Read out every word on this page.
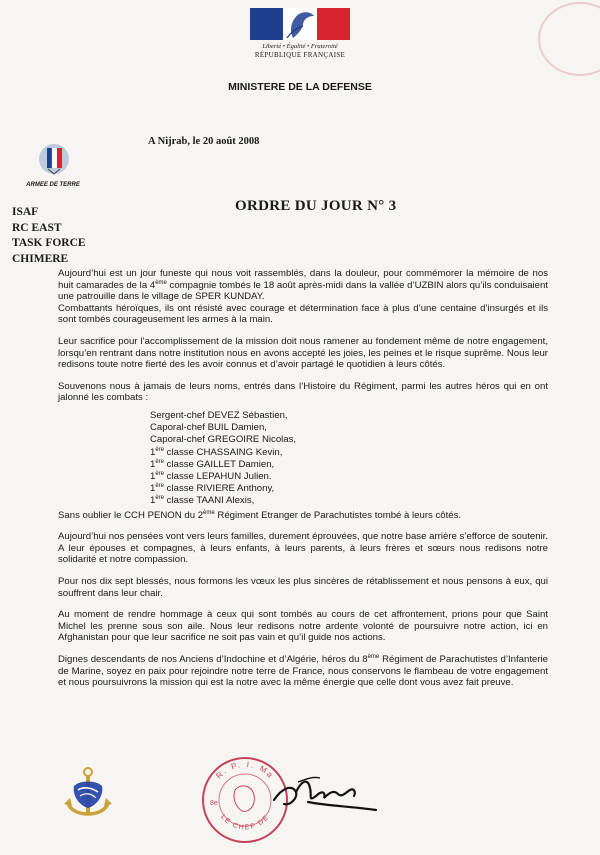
Liberté • Égalité • Fraternité
RÉPUBLIQUE FRANÇAISE
MINISTERE DE LA DEFENSE
ARMEE DE TERRE
A Nijrab, le 20 août 2008
ISAF
RC EAST
TASK FORCE
CHIMERE
ORDRE DU JOUR N° 3

Aujourd’hui est un jour funeste qui nous voit rassemblés, dans la douleur, pour commémorer la mémoire de nos huit camarades de la 4ème compagnie tombés le 18 août après-midi dans la vallée d’UZBIN alors qu’ils conduisaient une patrouille dans le village de SPER KUNDAY.

Combattants héroïques, ils ont résisté avec courage et détermination face à plus d’une centaine d’insurgés et ils sont tombés courageusement les armes à la main.

Leur sacrifice pour l’accomplissement de la mission doit nous ramener au fondement même de notre engagement, lorsqu’en rentrant dans notre institution nous en avons accepté les joies, les peines et le risque suprême. Nous leur redisons toute notre fierté des les avoir connus et d’avoir partagé le quotidien à leurs côtés.

Souvenons nous à jamais de leurs noms, entrés dans l’Histoire du Régiment, parmi les autres héros qui en ont jalonné les combats :

Sergent-chef DEVEZ Sébastien,
Caporal-chef BUIL Damien,
Caporal-chef GREGOIRE Nicolas,
1ère classe CHASSAING Kevin,
1ère classe GAILLET Damien,
1ère classe LEPAHUN Julien.
1ère classe RIVIERE Anthony,
1ère classe TAANI Alexis,

Sans oublier le CCH PENON du 2ème Régiment Etranger de Parachutistes tombé à leurs côtés.

Aujourd’hui nos pensées vont vers leurs familles, durement éprouvées, que notre base arrière s’efforce de soutenir. A leur épouses et compagnes, à leurs enfants, à leurs parents, à leurs frères et sœurs nous redisons notre solidarité et notre compassion.

Pour nos dix sept blessés, nous formons les vœux les plus sincères de rétablissement et nous pensons à eux, qui souffrent dans leur chair.

Au moment de rendre hommage à ceux qui sont tombés au cours de cet affrontement, prions pour que Saint Michel les prenne sous son aile. Nous leur redisons notre ardente volonté de poursuivre notre action, ici en Afghanistan pour que leur sacrifice ne soit pas vain et qu’il guide nos actions.

Dignes descendants de nos Anciens d’Indochine et d’Algérie, héros du 8ème Régiment de Parachutistes d’Infanterie de Marine, soyez en paix pour rejoindre notre terre de France, nous conservons le flambeau de votre engagement et nous poursuivrons la mission qui est la notre avec la même énergie que celle dont vous avez fait preuve.

R. P. I. Ma
LE CHEF DE
8e
